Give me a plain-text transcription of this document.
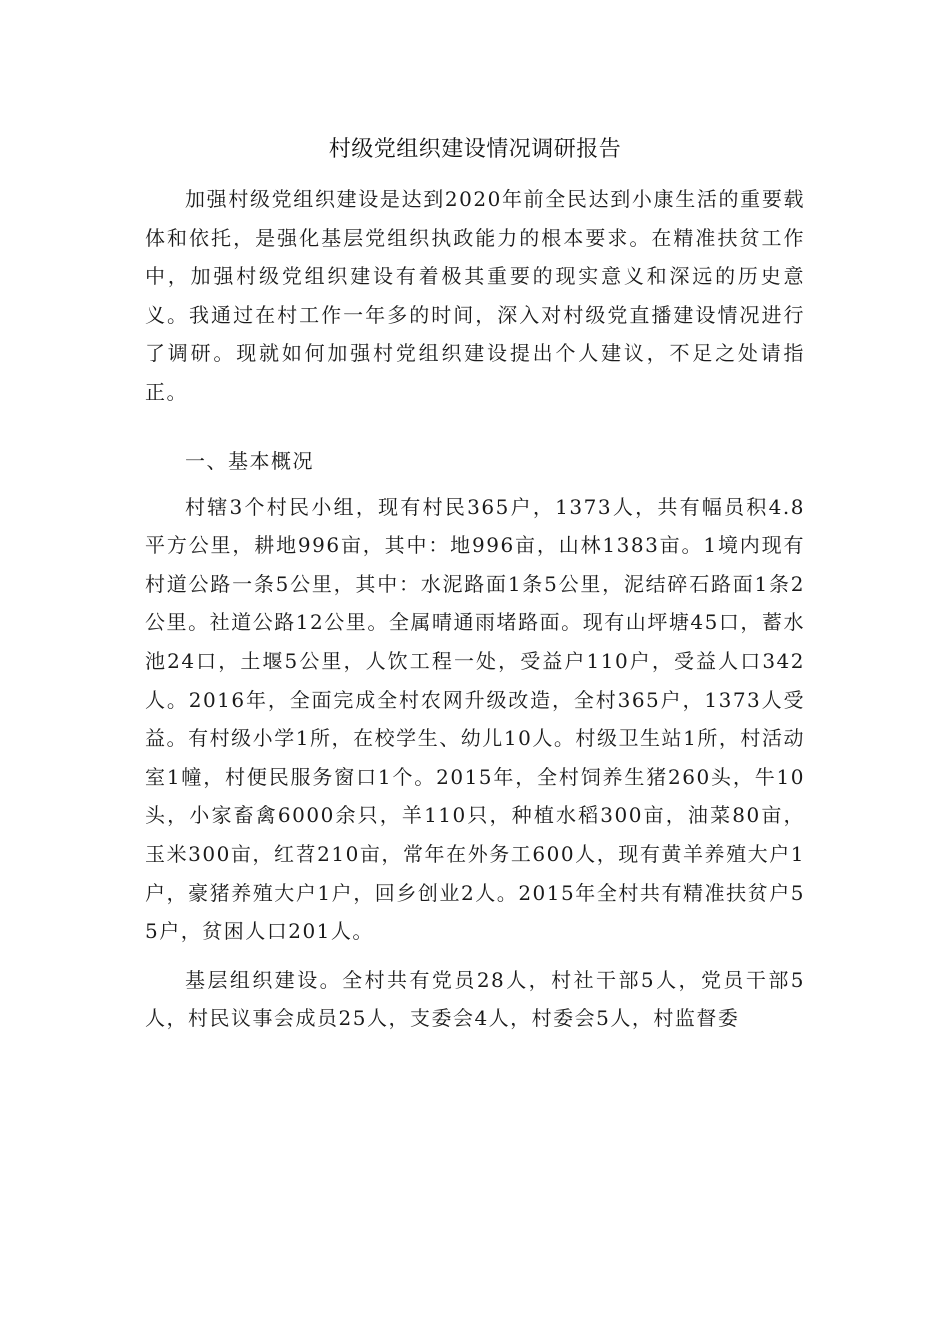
村级党组织建设情况调研报告

加强村级党组织建设是达到2020年前全民达到小康生活的重要载体和依托，是强化基层党组织执政能力的根本要求。在精准扶贫工作中，加强村级党组织建设有着极其重要的现实意义和深远的历史意义。我通过在村工作一年多的时间，深入对村级党直播建设情况进行了调研。现就如何加强村党组织建设提出个人建议，不足之处请指正。

一、基本概况

村辖3个村民小组，现有村民365户，1373人，共有幅员积4.8平方公里，耕地996亩，其中：地996亩，山林1383亩。1境内现有村道公路一条5公里，其中：水泥路面1条5公里，泥结碎石路面1条2公里。社道公路12公里。全属晴通雨堵路面。现有山坪塘45口，蓄水池24口，土堰5公里，人饮工程一处，受益户110户，受益人口342人。2016年，全面完成全村农网升级改造，全村365户，1373人受益。有村级小学1所，在校学生、幼儿10人。村级卫生站1所，村活动室1幢，村便民服务窗口1个。2015年，全村饲养生猪260头，牛10头，小家畜禽6000余只，羊110只，种植水稻300亩，油菜80亩，玉米300亩，红苕210亩，常年在外务工600人，现有黄羊养殖大户1户，豪猪养殖大户1户，回乡创业2人。2015年全村共有精准扶贫户55户，贫困人口201人。

基层组织建设。全村共有党员28人，村社干部5人，党员干部5人，村民议事会成员25人，支委会4人，村委会5人，村监督委
